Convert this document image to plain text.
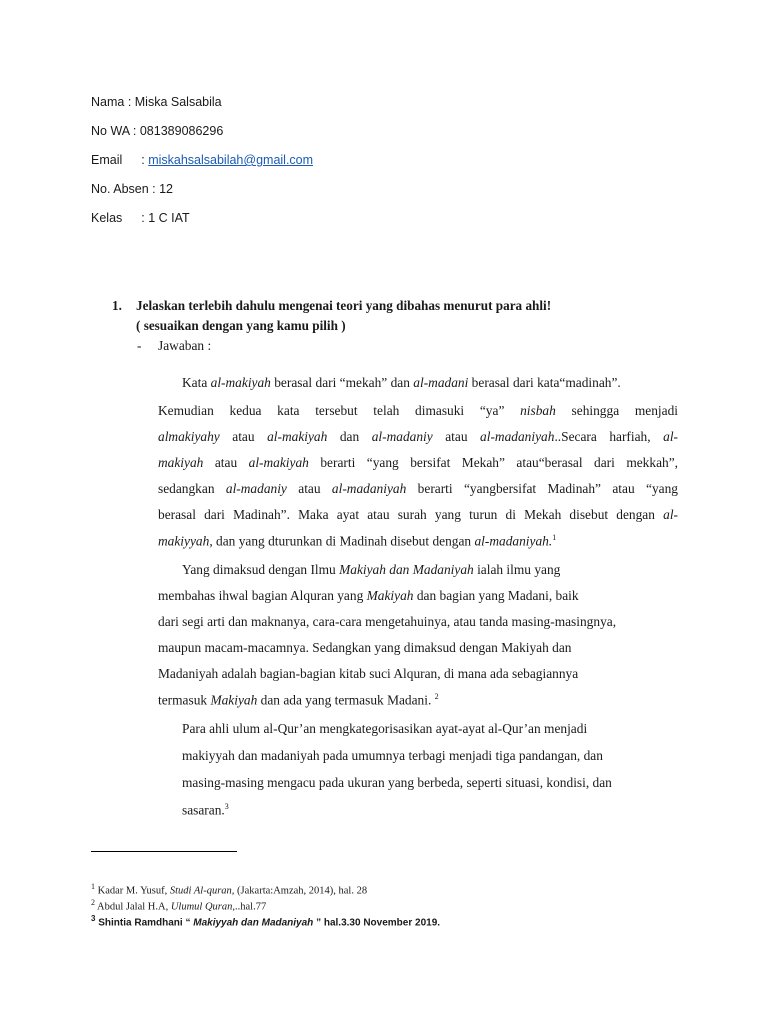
Nama : Miska Salsabila
No WA : 081389086296
Email : miskahsalsabilah@gmail.com
No. Absen : 12
Kelas : 1 C IAT
1. Jelaskan terlebih dahulu mengenai teori yang dibahas menurut para ahli!
( sesuaikan dengan yang kamu pilih )
- Jawaban :
Kata al-makiyah berasal dari “mekah” dan al-madani berasal dari kata“madinah”.
Kemudian kedua kata tersebut telah dimasuki “ya” nisbah sehingga menjadi
almakiyahy atau al-makiyah dan al-madaniy atau al-madaniyah..Secara harfiah, al-
makiyah atau al-makiyah berarti “yang bersifat Mekah” atau“berasal dari mekkah”,
sedangkan al-madaniy atau al-madaniyah berarti “yangbersifat Madinah” atau “yang
berasal dari Madinah”. Maka ayat atau surah yang turun di Mekah disebut dengan al-
makiyyah, dan yang dturunkan di Madinah disebut dengan al-madaniyah.$^1$
Yang dimaksud dengan Ilmu Makiyah dan Madaniyah ialah ilmu yang
membahas ihwal bagian Alquran yang Makiyah dan bagian yang Madani, baik
dari segi arti dan maknanya, cara-cara mengetahuinya, atau tanda masing-masingnya,
maupun macam-macamnya. Sedangkan yang dimaksud dengan Makiyah dan
Madaniyah adalah bagian-bagian kitab suci Alquran, di mana ada sebagiannya
termasuk Makiyah dan ada yang termasuk Madani. $^2$
Para ahli ulum al-Qur’an mengkategorisasikan ayat-ayat al-Qur’an menjadi
makiyyah dan madaniyah pada umumnya terbagi menjadi tiga pandangan, dan
masing-masing mengacu pada ukuran yang berbeda, seperti situasi, kondisi, dan
sasaran.$^3$
$^1$ Kadar M. Yusuf, Studi Al-quran, (Jakarta:Amzah, 2014), hal. 28
$^2$ Abdul Jalal H.A, Ulumul Quran,..hal.77
$^3$ Shintia Ramdhani “ Makiyyah dan Madaniyah ” hal.3.30 November 2019.
